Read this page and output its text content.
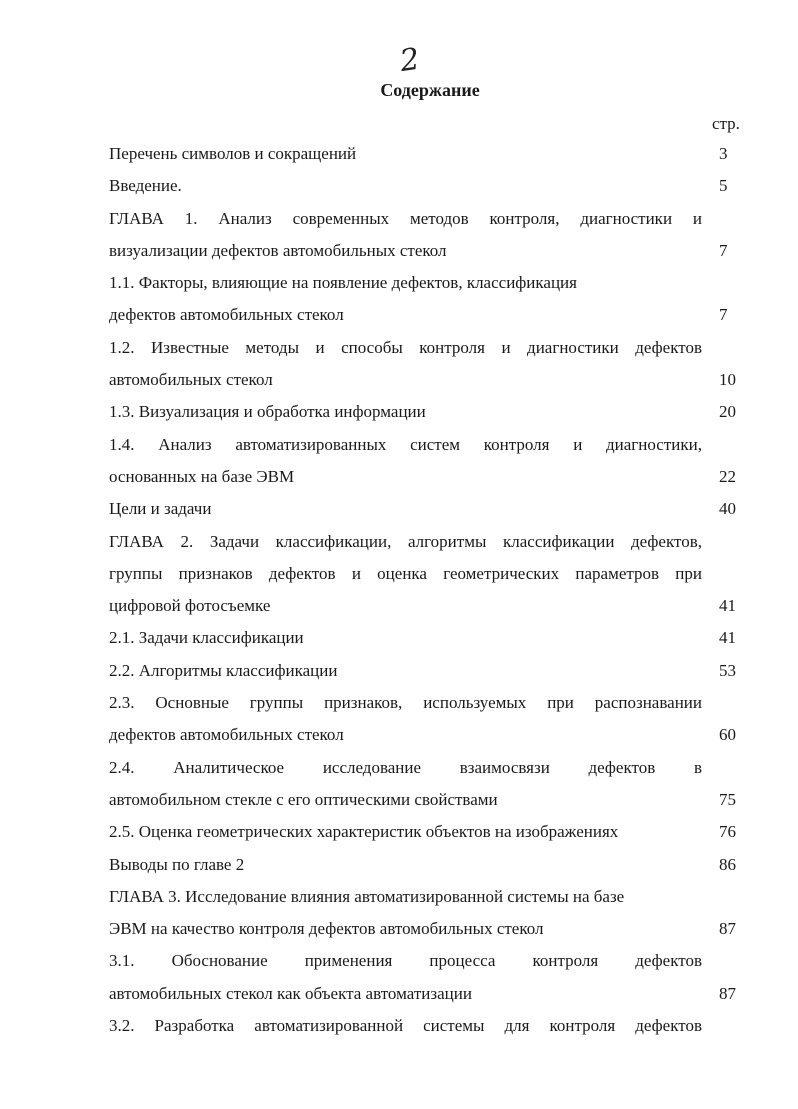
2
Содержание
стр.
Перечень символов и сокращений	3
Введение.	5
ГЛАВА 1. Анализ современных методов контроля, диагностики и
визуализации дефектов автомобильных стекол	7
1.1. Факторы, влияющие на появление дефектов, классификация
дефектов автомобильных стекол	7
1.2. Известные методы и способы контроля и диагностики дефектов
автомобильных стекол	10
1.3. Визуализация и обработка информации	20
1.4. Анализ автоматизированных систем контроля и диагностики,
основанных на базе ЭВМ	22
Цели и задачи	40
ГЛАВА 2. Задачи классификации, алгоритмы классификации дефектов,
группы признаков дефектов и оценка геометрических параметров при
цифровой фотосъемке	41
2.1. Задачи классификации	41
2.2. Алгоритмы классификации	53
2.3. Основные группы признаков, используемых при распознавании
дефектов автомобильных стекол	60
2.4. Аналитическое исследование взаимосвязи дефектов в
автомобильном стекле с его оптическими свойствами	75
2.5. Оценка геометрических характеристик объектов на изображениях	76
Выводы по главе 2	86
ГЛАВА 3. Исследование влияния автоматизированной системы на базе
ЭВМ на качество контроля дефектов автомобильных стекол	87
3.1. Обоснование применения процесса контроля дефектов
автомобильных стекол как объекта автоматизации	87
3.2. Разработка автоматизированной системы для контроля дефектов
